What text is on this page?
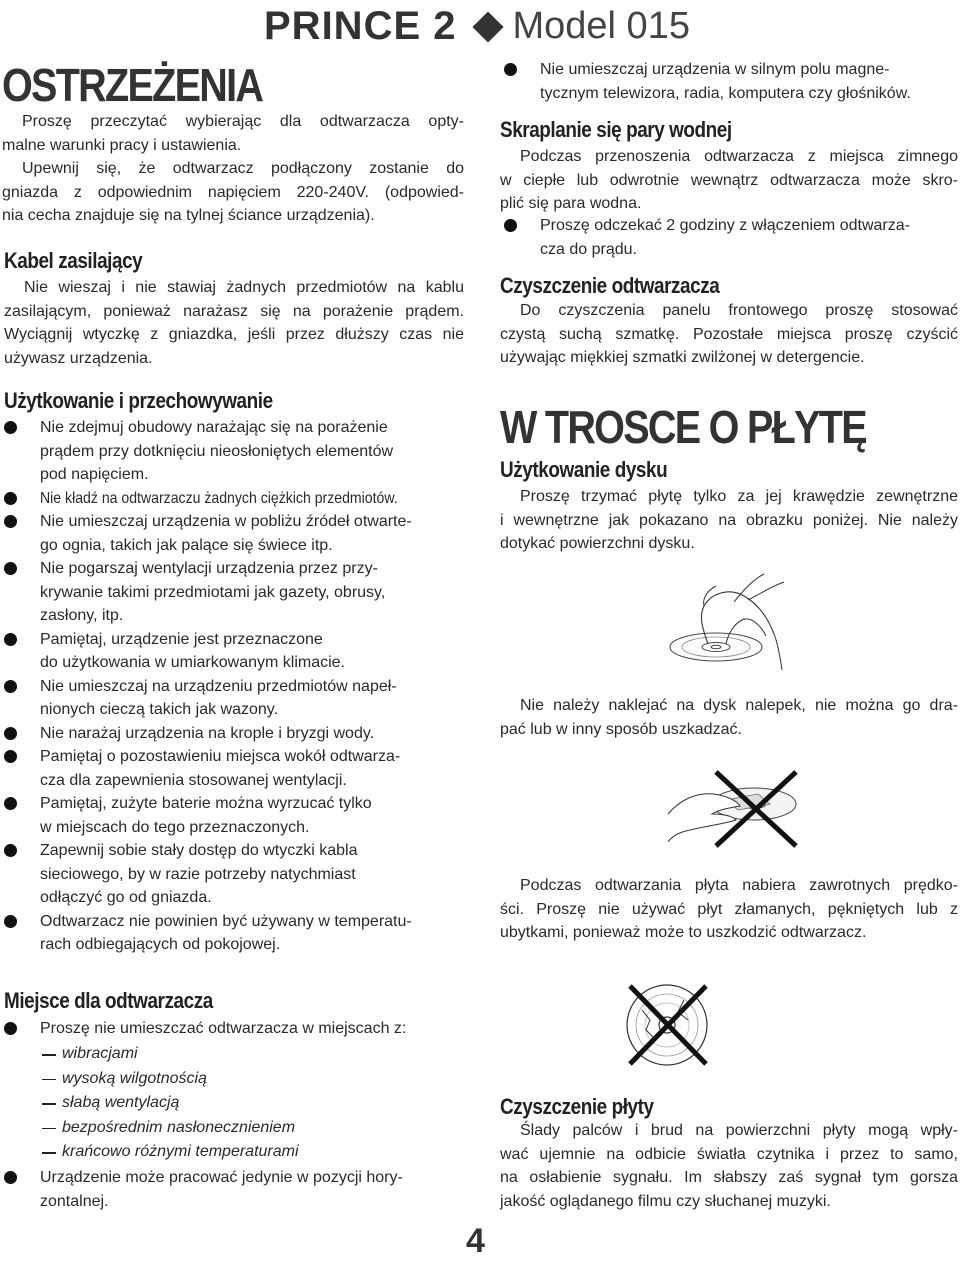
PRINCE 2 Model 015
OSTRZEŻENIA
Proszę przeczytać wybierając dla odtwarzacza opty-
malne warunki pracy i ustawienia.
Upewnij się, że odtwarzacz podłączony zostanie do
gniazda z odpowiednim napięciem 220-240V. (odpowied-
nia cecha znajduje się na tylnej ściance urządzenia).
Kabel zasilający
Nie wieszaj i nie stawiaj żadnych przedmiotów na kablu
zasilającym, ponieważ narażasz się na porażenie prądem.
Wyciągnij wtyczkę z gniazdka, jeśli przez dłuższy czas nie
używasz urządzenia.
Użytkowanie i przechowywanie
Nie zdejmuj obudowy narażając się na porażenie
prądem przy dotknięciu nieosłoniętych elementów
pod napięciem.
Nie kładź na odtwarzaczu żadnych ciężkich przedmiotów.
Nie umieszczaj urządzenia w pobliżu źródeł otwarte-
go ognia, takich jak palące się świece itp.
Nie pogarszaj wentylacji urządzenia przez przy-
krywanie takimi przedmiotami jak gazety, obrusy,
zasłony, itp.
Pamiętaj, urządzenie jest przeznaczone
do użytkowania w umiarkowanym klimacie.
Nie umieszczaj na urządzeniu przedmiotów napeł-
nionych cieczą takich jak wazony.
Nie narażaj urządzenia na krople i bryzgi wody.
Pamiętaj o pozostawieniu miejsca wokół odtwarza-
cza dla zapewnienia stosowanej wentylacji.
Pamiętaj, zużyte baterie można wyrzucać tylko
w miejscach do tego przeznaczonych.
Zapewnij sobie stały dostęp do wtyczki kabla
sieciowego, by w razie potrzeby natychmiast
odłączyć go od gniazda.
Odtwarzacz nie powinien być używany w temperatu-
rach odbiegających od pokojowej.
Miejsce dla odtwarzacza
Proszę nie umieszczać odtwarzacza w miejscach z:
wibracjami
wysoką wilgotnością
słabą wentylacją
bezpośrednim nasłonecznieniem
krańcowo różnymi temperaturami
Urządzenie może pracować jedynie w pozycji hory-
zontalnej.
Nie umieszczaj urządzenia w silnym polu magne-
tycznym telewizora, radia, komputera czy głośników.
Skraplanie się pary wodnej
Podczas przenoszenia odtwarzacza z miejsca zimnego
w ciepłe lub odwrotnie wewnątrz odtwarzacza może skro-
plić się para wodna.
Proszę odczekać 2 godziny z włączeniem odtwarza-
cza do prądu.
Czyszczenie odtwarzacza
Do czyszczenia panelu frontowego proszę stosować
czystą suchą szmatkę. Pozostałe miejsca proszę czyścić
używając miękkiej szmatki zwilżonej w detergencie.
W TROSCE O PŁYTĘ
Użytkowanie dysku
Proszę trzymać płytę tylko za jej krawędzie zewnętrzne
i wewnętrzne jak pokazano na obrazku poniżej. Nie należy
dotykać powierzchni dysku.
Nie należy naklejać na dysk nalepek, nie można go dra-
pać lub w inny sposób uszkadzać.
Podczas odtwarzania płyta nabiera zawrotnych prędko-
ści. Proszę nie używać płyt złamanych, pękniętych lub z
ubytkami, ponieważ może to uszkodzić odtwarzacz.
Czyszczenie płyty
Ślady palców i brud na powierzchni płyty mogą wpły-
wać ujemnie na odbicie światła czytnika i przez to samo,
na osłabienie sygnału. Im słabszy zaś sygnał tym gorsza
jakość oglądanego filmu czy słuchanej muzyki.
4
